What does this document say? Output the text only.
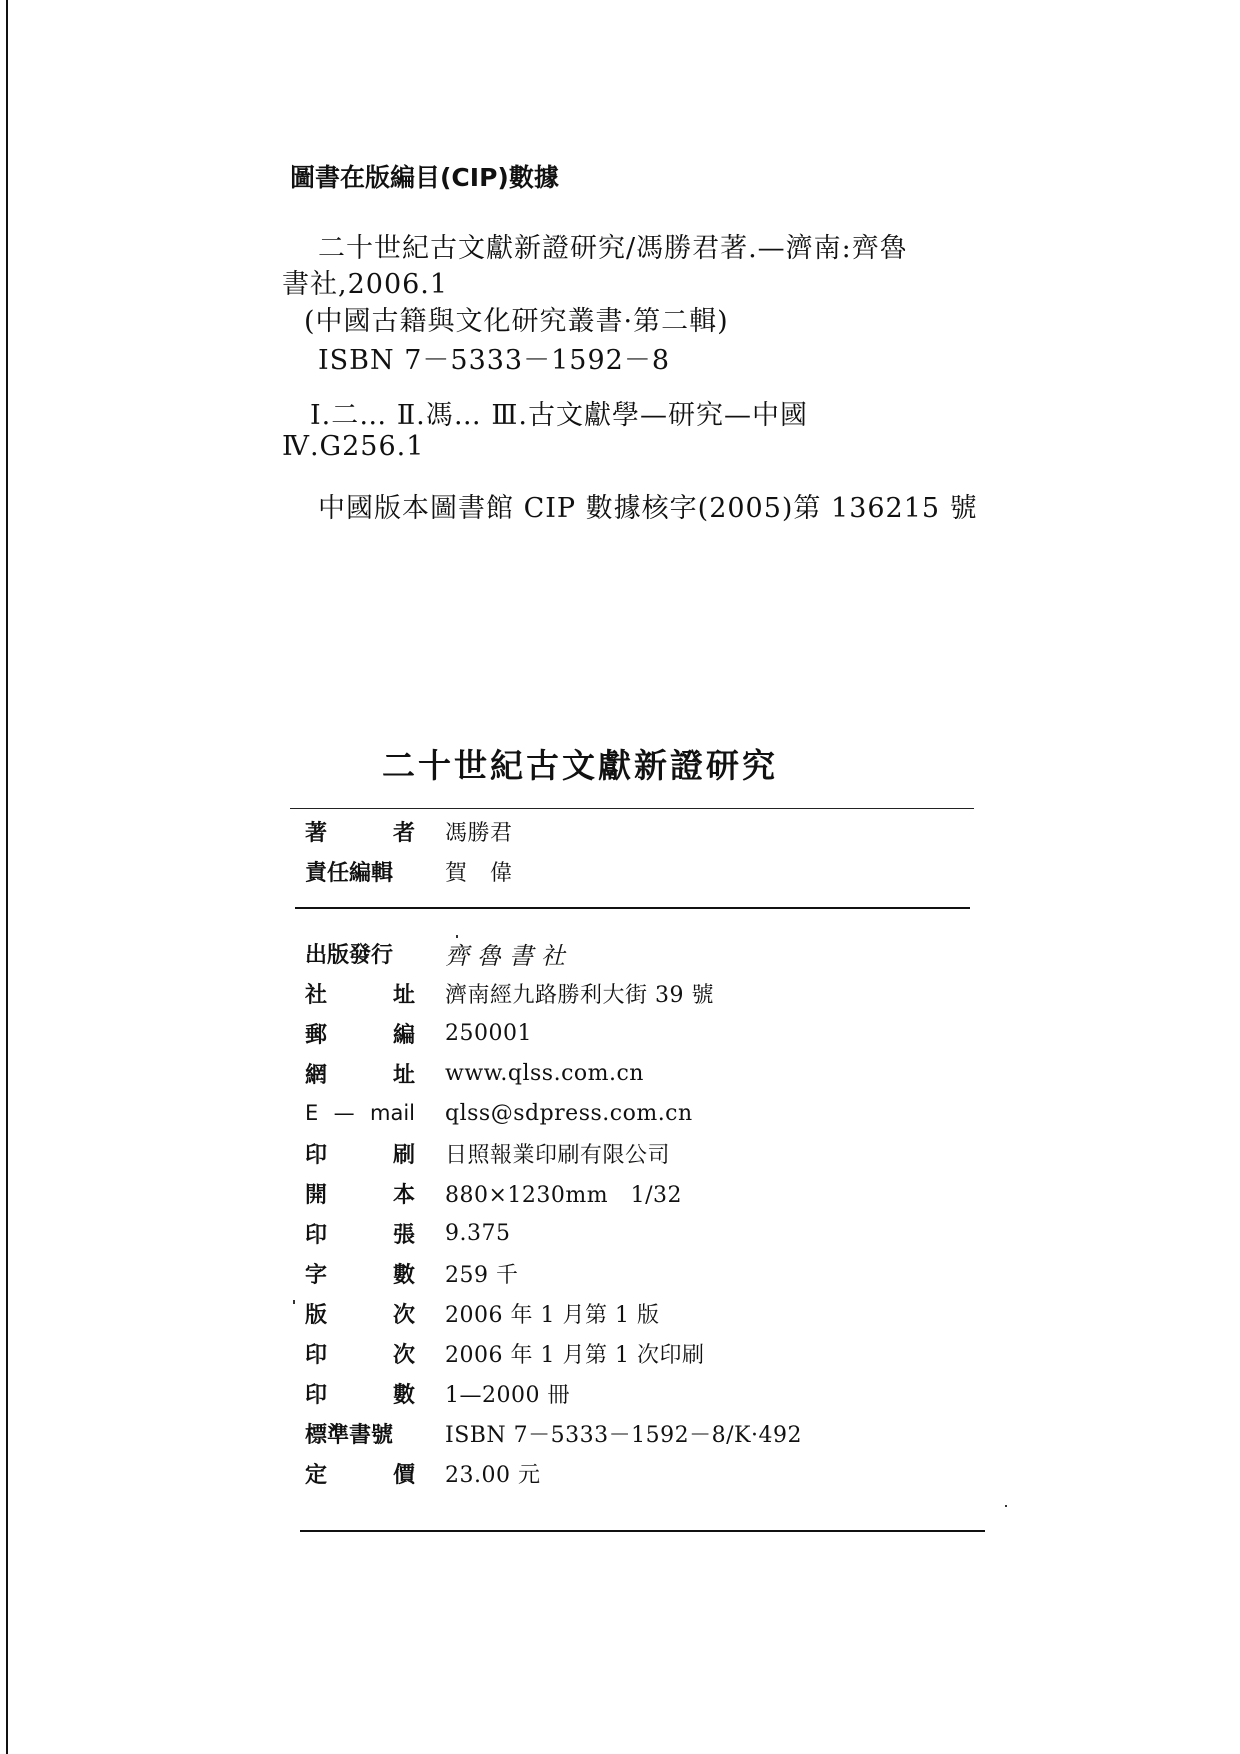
圖書在版編目(CIP)數據
二十世紀古文獻新證研究/馮勝君著.—濟南:齊魯
書社,2006.1
(中國古籍與文化研究叢書·第二輯)
ISBN 7－5333－1592－8
Ⅰ.二… Ⅱ.馮… Ⅲ.古文獻學—研究—中國
Ⅳ.G256.1
中國版本圖書館 CIP 數據核字(2005)第 136215 號
二十世紀古文獻新證研究
著	者 馮勝君
責任編輯 賀　偉
出版發行 齊魯書社
社	址 濟南經九路勝利大街 39 號
郵	編 250001
網	址 www.qlss.com.cn
E — mail qlss@sdpress.com.cn
印	刷 日照報業印刷有限公司
開	本 880×1230mm　1/32
印	張 9.375
字	數 259 千
版	次 2006 年 1 月第 1 版
印	次 2006 年 1 月第 1 次印刷
印	數 1—2000 冊
標準書號 ISBN 7－5333－1592－8/K·492
定	價 23.00 元
